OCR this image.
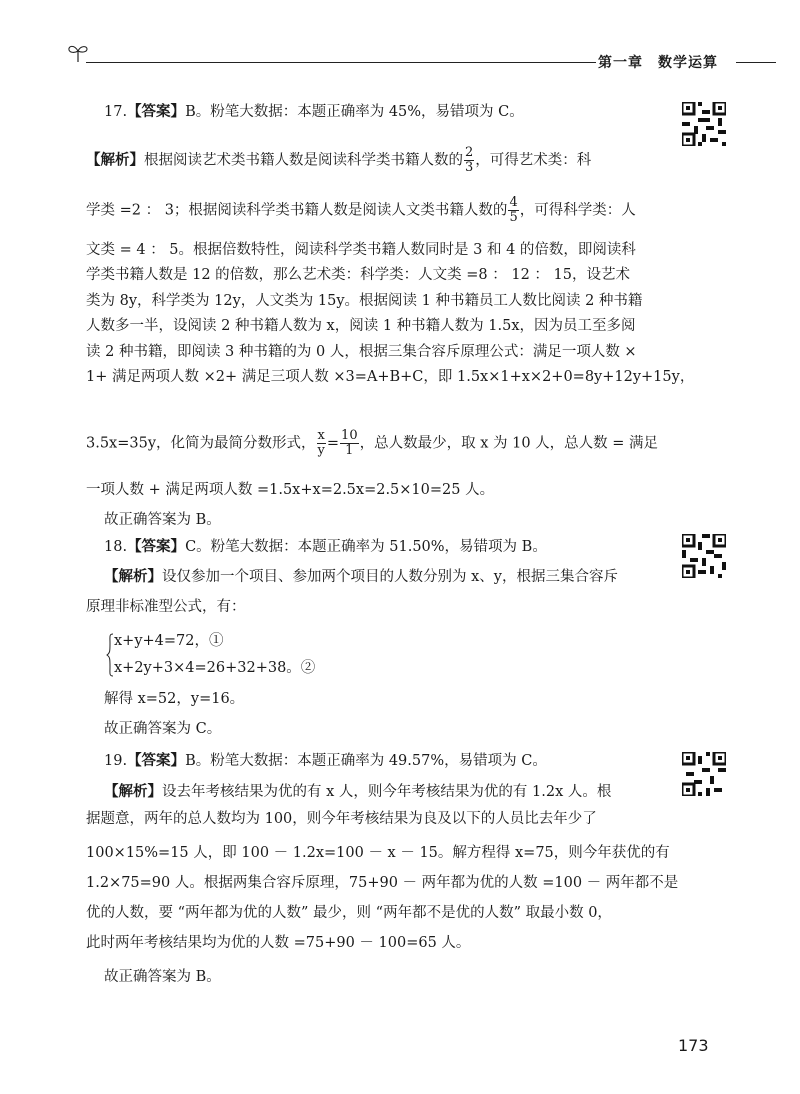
第一章　数学运算
17.【答案】B。粉笔大数据：本题正确率为 45%，易错项为 C。
【解析】根据阅读艺术类书籍人数是阅读科学类书籍人数的 $\frac{2}{3}$ ，可得艺术类：科
学类 =2 ： 3；根据阅读科学类书籍人数是阅读人文类书籍人数的 $\frac{4}{5}$ ，可得科学类：人
文类 = 4 ： 5。根据倍数特性，阅读科学类书籍人数同时是 3 和 4 的倍数，即阅读科
学类书籍人数是 12 的倍数，那么艺术类：科学类：人文类 =8 ： 12 ： 15，设艺术
类为 8y，科学类为 12y，人文类为 15y。根据阅读 1 种书籍员工人数比阅读 2 种书籍
人数多一半，设阅读 2 种书籍人数为 x，阅读 1 种书籍人数为 1.5x，因为员工至多阅
读 2 种书籍，即阅读 3 种书籍的为 0 人，根据三集合容斥原理公式：满足一项人数 ×
1+ 满足两项人数 ×2+ 满足三项人数 ×3=A+B+C，即 1.5x×1+x×2+0=8y+12y+15y，
3.5x=35y，化简为最简分数形式， $\frac{x}{y} = \frac{10}{1}$ ，总人数最少，取 x 为 10 人，总人数 = 满足
一项人数 + 满足两项人数 =1.5x+x=2.5x=2.5×10=25 人。
故正确答案为 B。
18.【答案】C。粉笔大数据：本题正确率为 51.50%，易错项为 B。
【解析】设仅参加一个项目、参加两个项目的人数分别为 x、y，根据三集合容斥
原理非标准型公式，有：
x+y+4=72，①
x+2y+3×4=26+32+38。②
解得 x=52，y=16。
故正确答案为 C。
19.【答案】B。粉笔大数据：本题正确率为 49.57%，易错项为 C。
【解析】设去年考核结果为优的有 x 人，则今年考核结果为优的有 1.2x 人。根
据题意，两年的总人数均为 100，则今年考核结果为良及以下的人员比去年少了
100×15%=15 人，即 100 － 1.2x=100 － x － 15。解方程得 x=75，则今年获优的有
1.2×75=90 人。根据两集合容斥原理，75+90 － 两年都为优的人数 =100 － 两年都不是
优的人数，要 “两年都为优的人数” 最少，则 “两年都不是优的人数” 取最小数 0，
此时两年考核结果均为优的人数 =75+90 － 100=65 人。
故正确答案为 B。
173
